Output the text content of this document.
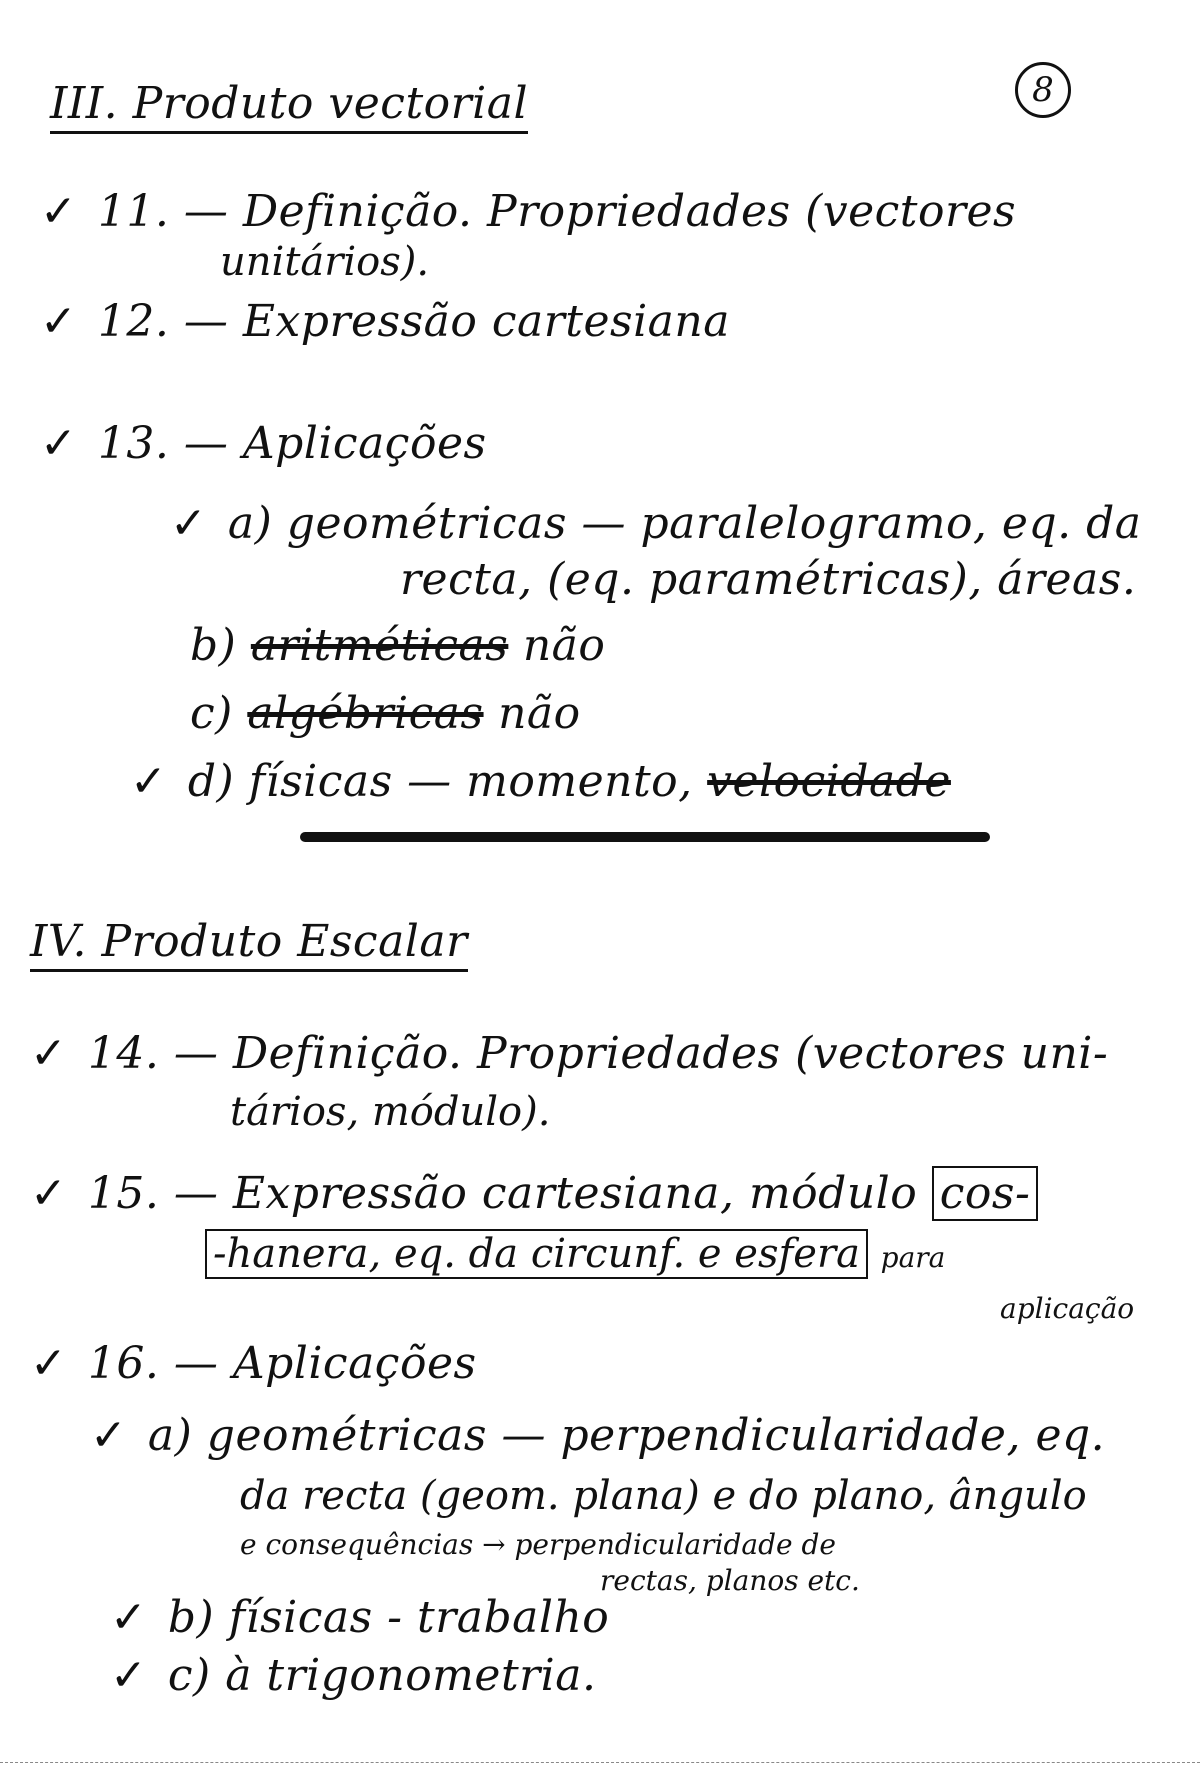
8
III. Produto vectorial
✓ 11. — Definição. Propriedades (vectores
unitários).
✓ 12. — Expressão cartesiana
✓ 13. — Aplicações
✓ a) geométricas — paralelogramo, eq. da
recta, (eq. paramétricas), áreas.
b) aritméticas não
c) algébricas não
✓ d) físicas — momento, velocidade
IV. Produto Escalar
✓ 14. — Definição. Propriedades (vectores uni-
tários, módulo).
✓ 15. — Expressão cartesiana, módulo cos-
-hanera, eq. da circunf. e esfera para
aplicação
✓ 16. — Aplicações
✓ a) geométricas — perpendicularidade, eq.
da recta (geom. plana) e do plano, ângulo
e consequências → perpendicularidade de
rectas, planos etc.
✓ b) físicas - trabalho
✓ c) à trigonometria.
